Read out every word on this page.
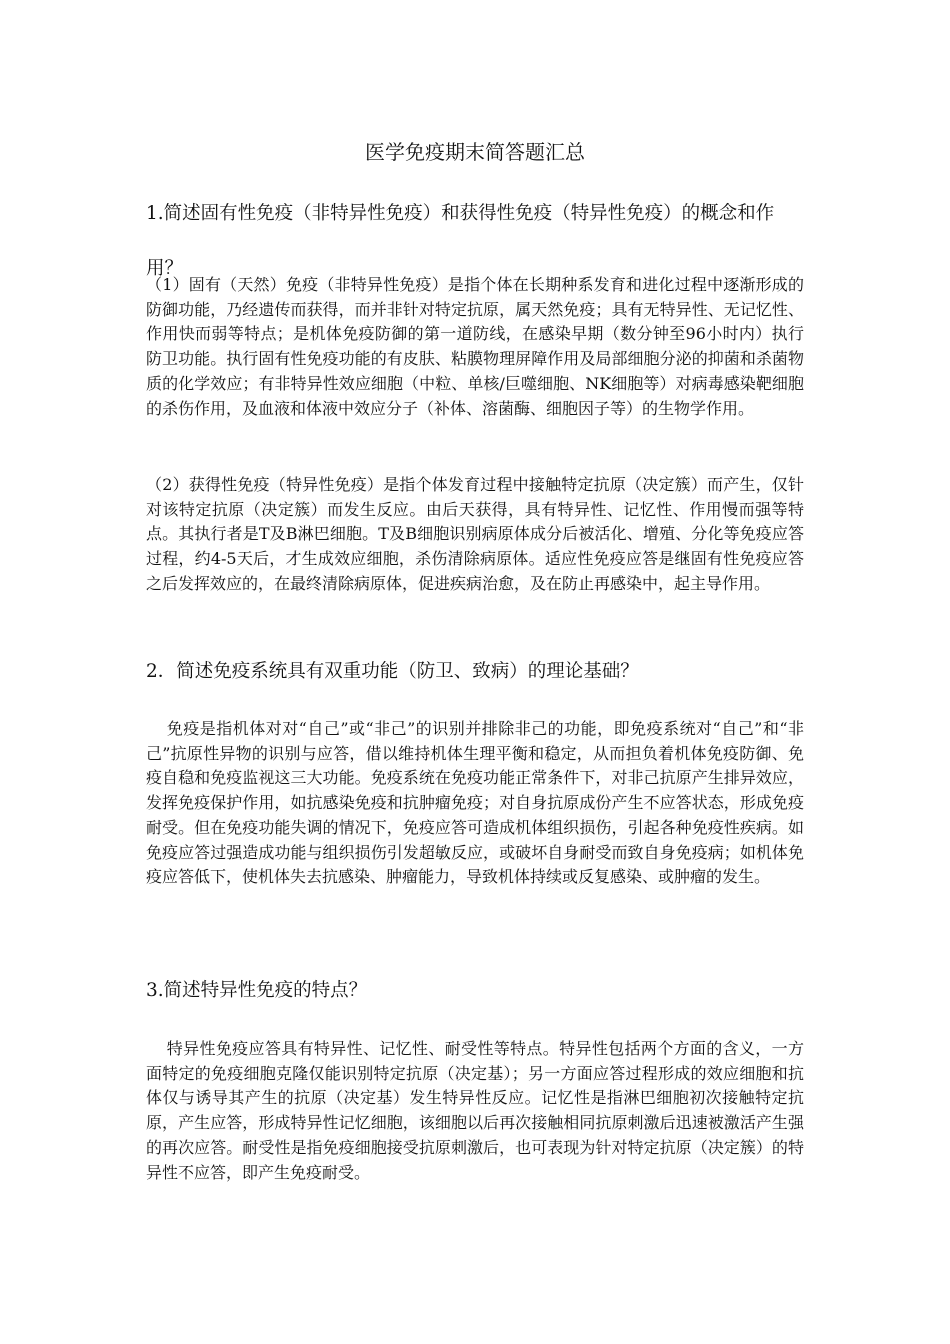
医学免疫期末简答题汇总
1.简述固有性免疫（非特异性免疫）和获得性免疫（特异性免疫）的概念和作用？
（1）固有（天然）免疫（非特异性免疫）是指个体在长期种系发育和进化过程中逐渐形成的防御功能，乃经遗传而获得，而并非针对特定抗原，属天然免疫；具有无特异性、无记忆性、作用快而弱等特点；是机体免疫防御的第一道防线，在感染早期（数分钟至96小时内）执行防卫功能。执行固有性免疫功能的有皮肤、粘膜物理屏障作用及局部细胞分泌的抑菌和杀菌物质的化学效应；有非特异性效应细胞（中粒、单核/巨噬细胞、NK细胞等）对病毒感染靶细胞的杀伤作用，及血液和体液中效应分子（补体、溶菌酶、细胞因子等）的生物学作用。
（2）获得性免疫（特异性免疫）是指个体发育过程中接触特定抗原（决定簇）而产生，仅针对该特定抗原（决定簇）而发生反应。由后天获得，具有特异性、记忆性、作用慢而强等特点。其执行者是T及B淋巴细胞。T及B细胞识别病原体成分后被活化、增殖、分化等免疫应答过程，约4-5天后，才生成效应细胞，杀伤清除病原体。适应性免疫应答是继固有性免疫应答之后发挥效应的，在最终清除病原体，促进疾病治愈，及在防止再感染中，起主导作用。
2．简述免疫系统具有双重功能（防卫、致病）的理论基础？
免疫是指机体对对“自己”或“非己”的识别并排除非己的功能，即免疫系统对“自己”和“非己”抗原性异物的识别与应答，借以维持机体生理平衡和稳定，从而担负着机体免疫防御、免疫自稳和免疫监视这三大功能。免疫系统在免疫功能正常条件下，对非己抗原产生排异效应，发挥免疫保护作用，如抗感染免疫和抗肿瘤免疫；对自身抗原成份产生不应答状态，形成免疫耐受。但在免疫功能失调的情况下，免疫应答可造成机体组织损伤，引起各种免疫性疾病。如免疫应答过强造成功能与组织损伤引发超敏反应，或破坏自身耐受而致自身免疫病；如机体免疫应答低下，使机体失去抗感染、肿瘤能力，导致机体持续或反复感染、或肿瘤的发生。
3.简述特异性免疫的特点？
特异性免疫应答具有特异性、记忆性、耐受性等特点。特异性包括两个方面的含义，一方面特定的免疫细胞克隆仅能识别特定抗原（决定基）；另一方面应答过程形成的效应细胞和抗体仅与诱导其产生的抗原（决定基）发生特异性反应。记忆性是指淋巴细胞初次接触特定抗原，产生应答，形成特异性记忆细胞，该细胞以后再次接触相同抗原刺激后迅速被激活产生强的再次应答。耐受性是指免疫细胞接受抗原刺激后，也可表现为针对特定抗原（决定簇）的特异性不应答，即产生免疫耐受。
